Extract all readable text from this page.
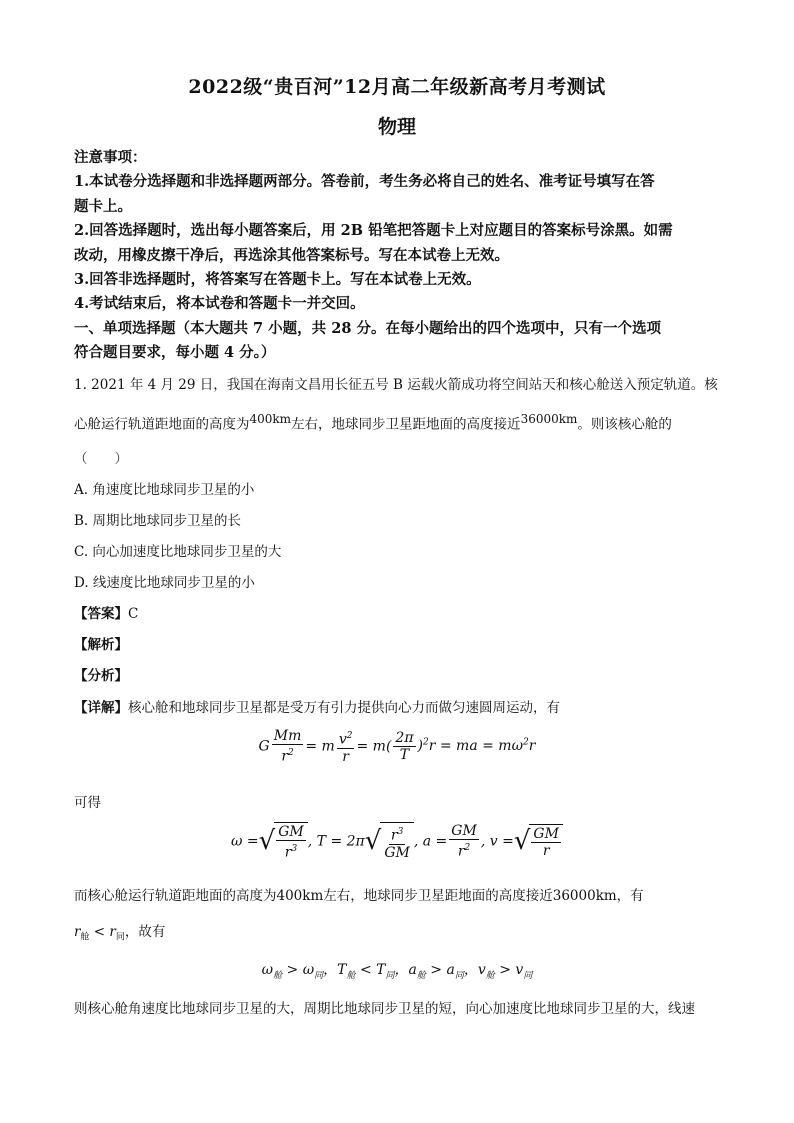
2022级“贵百河”12月高二年级新高考月考测试
物理
注意事项：
1.本试卷分选择题和非选择题两部分。答卷前，考生务必将自己的姓名、准考证号填写在答
题卡上。
2.回答选择题时，选出每小题答案后，用 2B 铅笔把答题卡上对应题目的答案标号涂黑。如需
改动，用橡皮擦干净后，再选涂其他答案标号。写在本试卷上无效。
3.回答非选择题时，将答案写在答题卡上。写在本试卷上无效。
4.考试结束后，将本试卷和答题卡一并交回。
一、单项选择题（本大题共 7 小题，共 28 分。在每小题给出的四个选项中，只有一个选项
符合题目要求，每小题 4 分。）
1. 2021 年 4 月 29 日，我国在海南文昌用长征五号 B 运载火箭成功将空间站天和核心舱送入预定轨道。核
心舱运行轨道距地面的高度为$^{400km}$左右，地球同步卫星距地面的高度接近$^{36000km}$。则该核心舱的
（　　）
A. 角速度比地球同步卫星的小
B. 周期比地球同步卫星的长
C. 向心加速度比地球同步卫星的大
D. 线速度比地球同步卫星的小
【答案】C
【解析】
【分析】
【详解】核心舱和地球同步卫星都是受万有引力提供向心力而做匀速圆周运动，有
G $\frac{Mm}{r^2} = m \frac{v^2}{r} = m( \frac{2\pi}{T} )^2r$ = ma = $m\omega^2r$
可得
ω = √ $\frac{GM}{r^3}$ , T = 2π √ $\frac{r^3}{GM}$ , $a = \frac{GM}{r^2}$ , v = √ $\frac{GM}{r}$
而核心舱运行轨道距地面的高度为400km左右，地球同步卫星距地面的高度接近36000km，有
$r_舱 < r_同$，故有
$\omega_舱 > \omega_同$，$T_舱 < T_同$，$a_舱 > a_同$，$v_舱 > v_同$
则核心舱角速度比地球同步卫星的大，周期比地球同步卫星的短，向心加速度比地球同步卫星的大，线速
